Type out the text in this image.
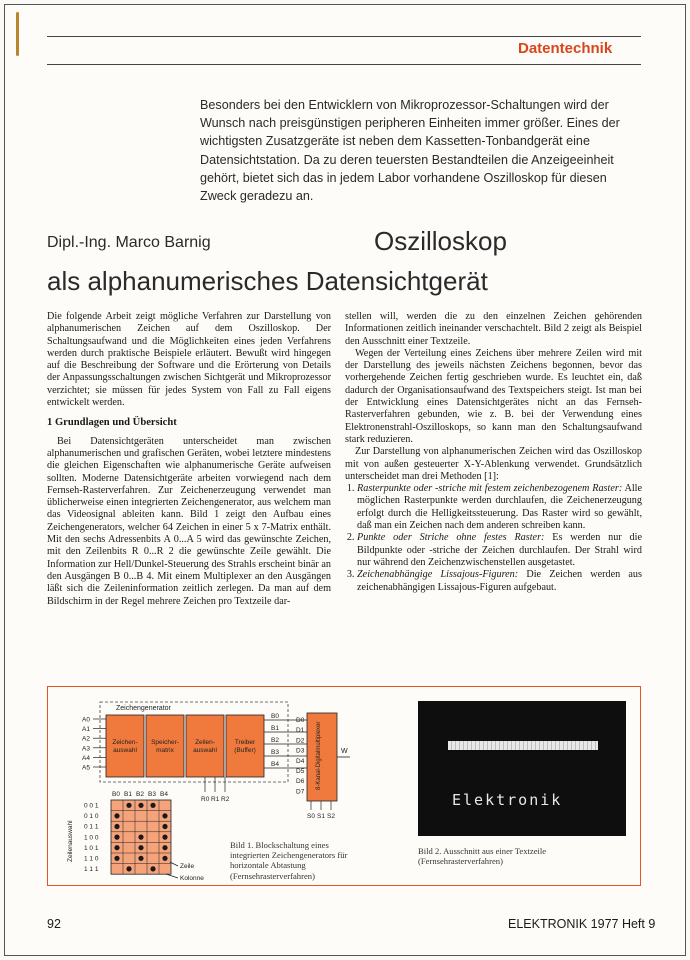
Datentechnik
Besonders bei den Entwicklern von Mikroprozessor-Schaltungen wird der Wunsch nach preisgünstigen peripheren Einheiten immer größer. Eines der wichtigsten Zusatzgeräte ist neben dem Kassetten-Tonbandgerät eine Datensichtstation. Da zu deren teuersten Bestandteilen die Anzeigeeinheit gehört, bietet sich das in jedem Labor vorhandene Oszilloskop für diesen Zweck geradezu an.
Dipl.-Ing. Marco Barnig	Oszilloskop
als alphanumerisches Datensichtgerät

Die folgende Arbeit zeigt mögliche Verfahren zur Darstellung von alphanumerischen Zeichen auf dem Oszilloskop. Der Schaltungsaufwand und die Möglichkeiten eines jeden Verfahrens werden durch praktische Beispiele erläutert. Bewußt wird hingegen auf die Beschreibung der Software und die Erörterung von Details der Anpassungsschaltungen zwischen Sichtgerät und Mikroprozessor verzichtet; sie müssen für jedes System von Fall zu Fall eigens entwickelt werden.

1 Grundlagen und Übersicht

Bei Datensichtgeräten unterscheidet man zwischen alphanumerischen und grafischen Geräten, wobei letztere mindestens die gleichen Eigenschaften wie alphanumerische Geräte aufweisen sollten. Moderne Datensichtgeräte arbeiten vorwiegend nach dem Fernseh-Rasterverfahren. Zur Zeichenerzeugung verwendet man üblicherweise einen integrierten Zeichengenerator, aus welchem man das Videosignal ableiten kann. Bild 1 zeigt den Aufbau eines Zeichengenerators, welcher 64 Zeichen in einer 5 x 7-Matrix enthält. Mit den sechs Adressenbits A 0...A 5 wird das gewünschte Zeichen, mit den Zeilenbits R 0...R 2 die gewünschte Zeile gewählt. Die Information zur Hell/Dunkel-Steuerung des Strahls erscheint binär an den Ausgängen B 0...B 4. Mit einem Multiplexer an den Ausgängen läßt sich die Zeileninformation zeitlich zerlegen. Da man auf dem Bildschirm in der Regel mehrere Zeichen pro Textzeile dar-

stellen will, werden die zu den einzelnen Zeichen gehörenden Informationen zeitlich ineinander verschachtelt. Bild 2 zeigt als Beispiel den Ausschnitt einer Textzeile.

Wegen der Verteilung eines Zeichens über mehrere Zeilen wird mit der Darstellung des jeweils nächsten Zeichens begonnen, bevor das vorhergehende Zeichen fertig geschrieben wurde. Es leuchtet ein, daß dadurch der Organisationsaufwand des Textspeichers steigt. Ist man bei der Entwicklung eines Datensichtgerätes nicht an das Fernseh-Rasterverfahren gebunden, wie z. B. bei der Verwendung eines Elektronenstrahl-Oszilloskops, so kann man den Schaltungsaufwand stark reduzieren.

Zur Darstellung von alphanumerischen Zeichen wird das Oszilloskop mit von außen gesteuerter X-Y-Ablenkung verwendet. Grundsätzlich unterscheidet man drei Methoden [1]:

1. Rasterpunkte oder -striche mit festem zeichenbezogenem Raster: Alle möglichen Rasterpunkte werden durchlaufen, die Zeichenerzeugung erfolgt durch die Helligkeitssteuerung. Das Raster wird so gewählt, daß man ein Zeichen nach dem anderen schreiben kann.
2. Punkte oder Striche ohne festes Raster: Es werden nur die Bildpunkte oder -striche der Zeichen durchlaufen. Der Strahl wird nur während den Zeichenzwischenstellen ausgetastet.
3. Zeichenabhängige Lissajous-Figuren: Die Zeichen werden aus zeichenabhängigen Lissajous-Figuren aufgebaut.
Zeichengenerator
Zeichen-
auswahl
Speicher-
matrix
Zeilen-
auswahl
Treiber
(Buffer)	8-Kanal-Digitalmultiplexer	W
A0
A1
A2
A3
A4
A5
B0
B1
B2
B3
B4
D0
D1
D2
D3
D4
D5
D6
D7
S0 S1 S2
R0 R1 R2
B0 B1 B2 B3 B4
0 0 1
0 1 0
0 1 1
1 0 0
1 0 1
1 1 0
1 1 1
Zeilenauswahl
Zeile
Kolonne
Bild 1. Blockschaltung eines integrierten Zeichengenerators für horizontale Abtastung (Fernsehrasterverfahren)
Elektronik
Bild 2. Ausschnitt aus einer Textzeile (Fernsehrasterverfahren)
92	ELEKTRONIK 1977 Heft 9
